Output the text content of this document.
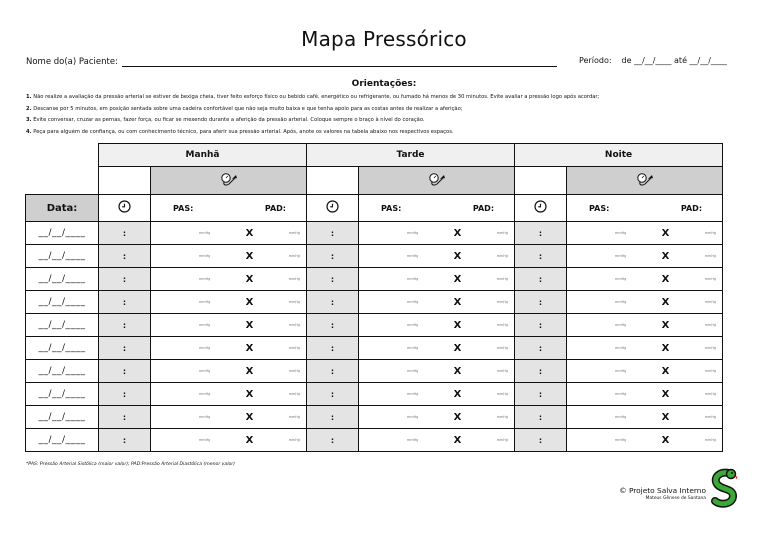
Mapa Pressórico
Nome do(a) Paciente:	Período: de __/__/____ até __/__/____
Orientações:
1. Não realize a avaliação da pressão arterial se estiver de bexiga cheia, tiver feito esforço físico ou bebido café, energético ou refrigerante, ou fumado há menos de 30 minutos. Evite avaliar a pressão logo após acordar;
2. Descanse por 5 minutos, em posição sentada sobre uma cadeira confortável que não seja muito baixa e que tenha apoio para as costas antes de realizar a aferição;
3. Evite conversar, cruzar as pernas, fazer força, ou ficar se mexendo durante a aferição da pressão arterial. Coloque sempre o braço à nível do coração.
4. Peça para alguém de confiança, ou com conhecimento técnico, para aferir sua pressão arterial. Após, anote os valores na tabela abaixo nos respectivos espaços.
	Manhã		Tarde		Noite	

Data:		PAS: PAD:		PAS: PAD:		PAS: PAD:

__/__/____	:	mmHg X mmHg	:	mmHg X mmHg	:	mmHg X mmHg

__/__/____	:	mmHg X mmHg	:	mmHg X mmHg	:	mmHg X mmHg

__/__/____	:	mmHg X mmHg	:	mmHg X mmHg	:	mmHg X mmHg

__/__/____	:	mmHg X mmHg	:	mmHg X mmHg	:	mmHg X mmHg

__/__/____	:	mmHg X mmHg	:	mmHg X mmHg	:	mmHg X mmHg

__/__/____	:	mmHg X mmHg	:	mmHg X mmHg	:	mmHg X mmHg

__/__/____	:	mmHg X mmHg	:	mmHg X mmHg	:	mmHg X mmHg

__/__/____	:	mmHg X mmHg	:	mmHg X mmHg	:	mmHg X mmHg

__/__/____	:	mmHg X mmHg	:	mmHg X mmHg	:	mmHg X mmHg

__/__/____	:	mmHg X mmHg	:	mmHg X mmHg	:	mmHg X mmHg
*PAS: Pressão Arterial Sistólica (maior valor); PAD:Pressão Arterial Diastólica (menor valor)
© Projeto Salva Interno
Mateus Gênese de Santana
